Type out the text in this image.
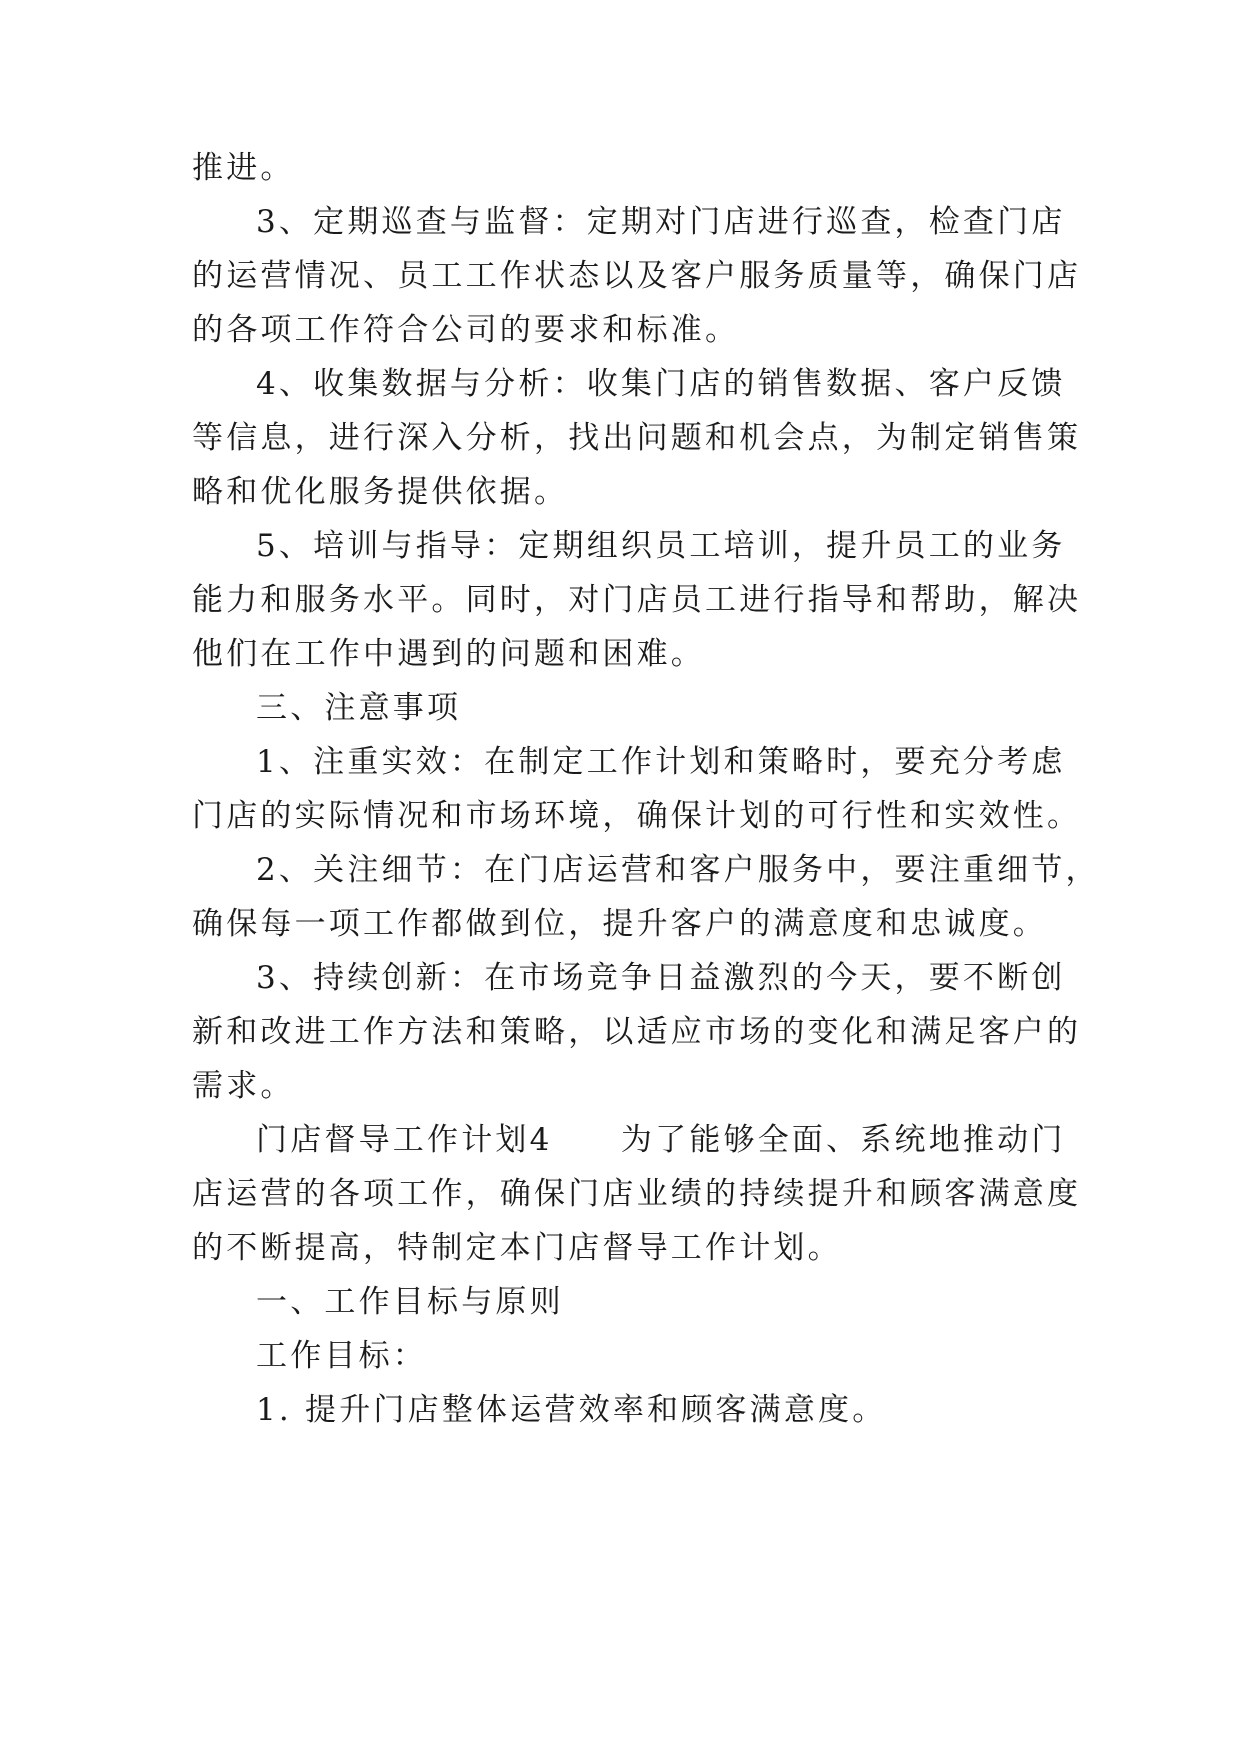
推进。
3、定期巡查与监督：定期对门店进行巡查，检查门店
的运营情况、员工工作状态以及客户服务质量等，确保门店
的各项工作符合公司的要求和标准。
4、收集数据与分析：收集门店的销售数据、客户反馈
等信息，进行深入分析，找出问题和机会点，为制定销售策
略和优化服务提供依据。
5、培训与指导：定期组织员工培训，提升员工的业务
能力和服务水平。同时，对门店员工进行指导和帮助，解决
他们在工作中遇到的问题和困难。
三、注意事项
1、注重实效：在制定工作计划和策略时，要充分考虑
门店的实际情况和市场环境，确保计划的可行性和实效性。
2、关注细节：在门店运营和客户服务中，要注重细节，
确保每一项工作都做到位，提升客户的满意度和忠诚度。
3、持续创新：在市场竞争日益激烈的今天，要不断创
新和改进工作方法和策略，以适应市场的变化和满足客户的
需求。
门店督导工作计划4　　为了能够全面、系统地推动门
店运营的各项工作，确保门店业绩的持续提升和顾客满意度
的不断提高，特制定本门店督导工作计划。
一、工作目标与原则
工作目标：
1. 提升门店整体运营效率和顾客满意度。
